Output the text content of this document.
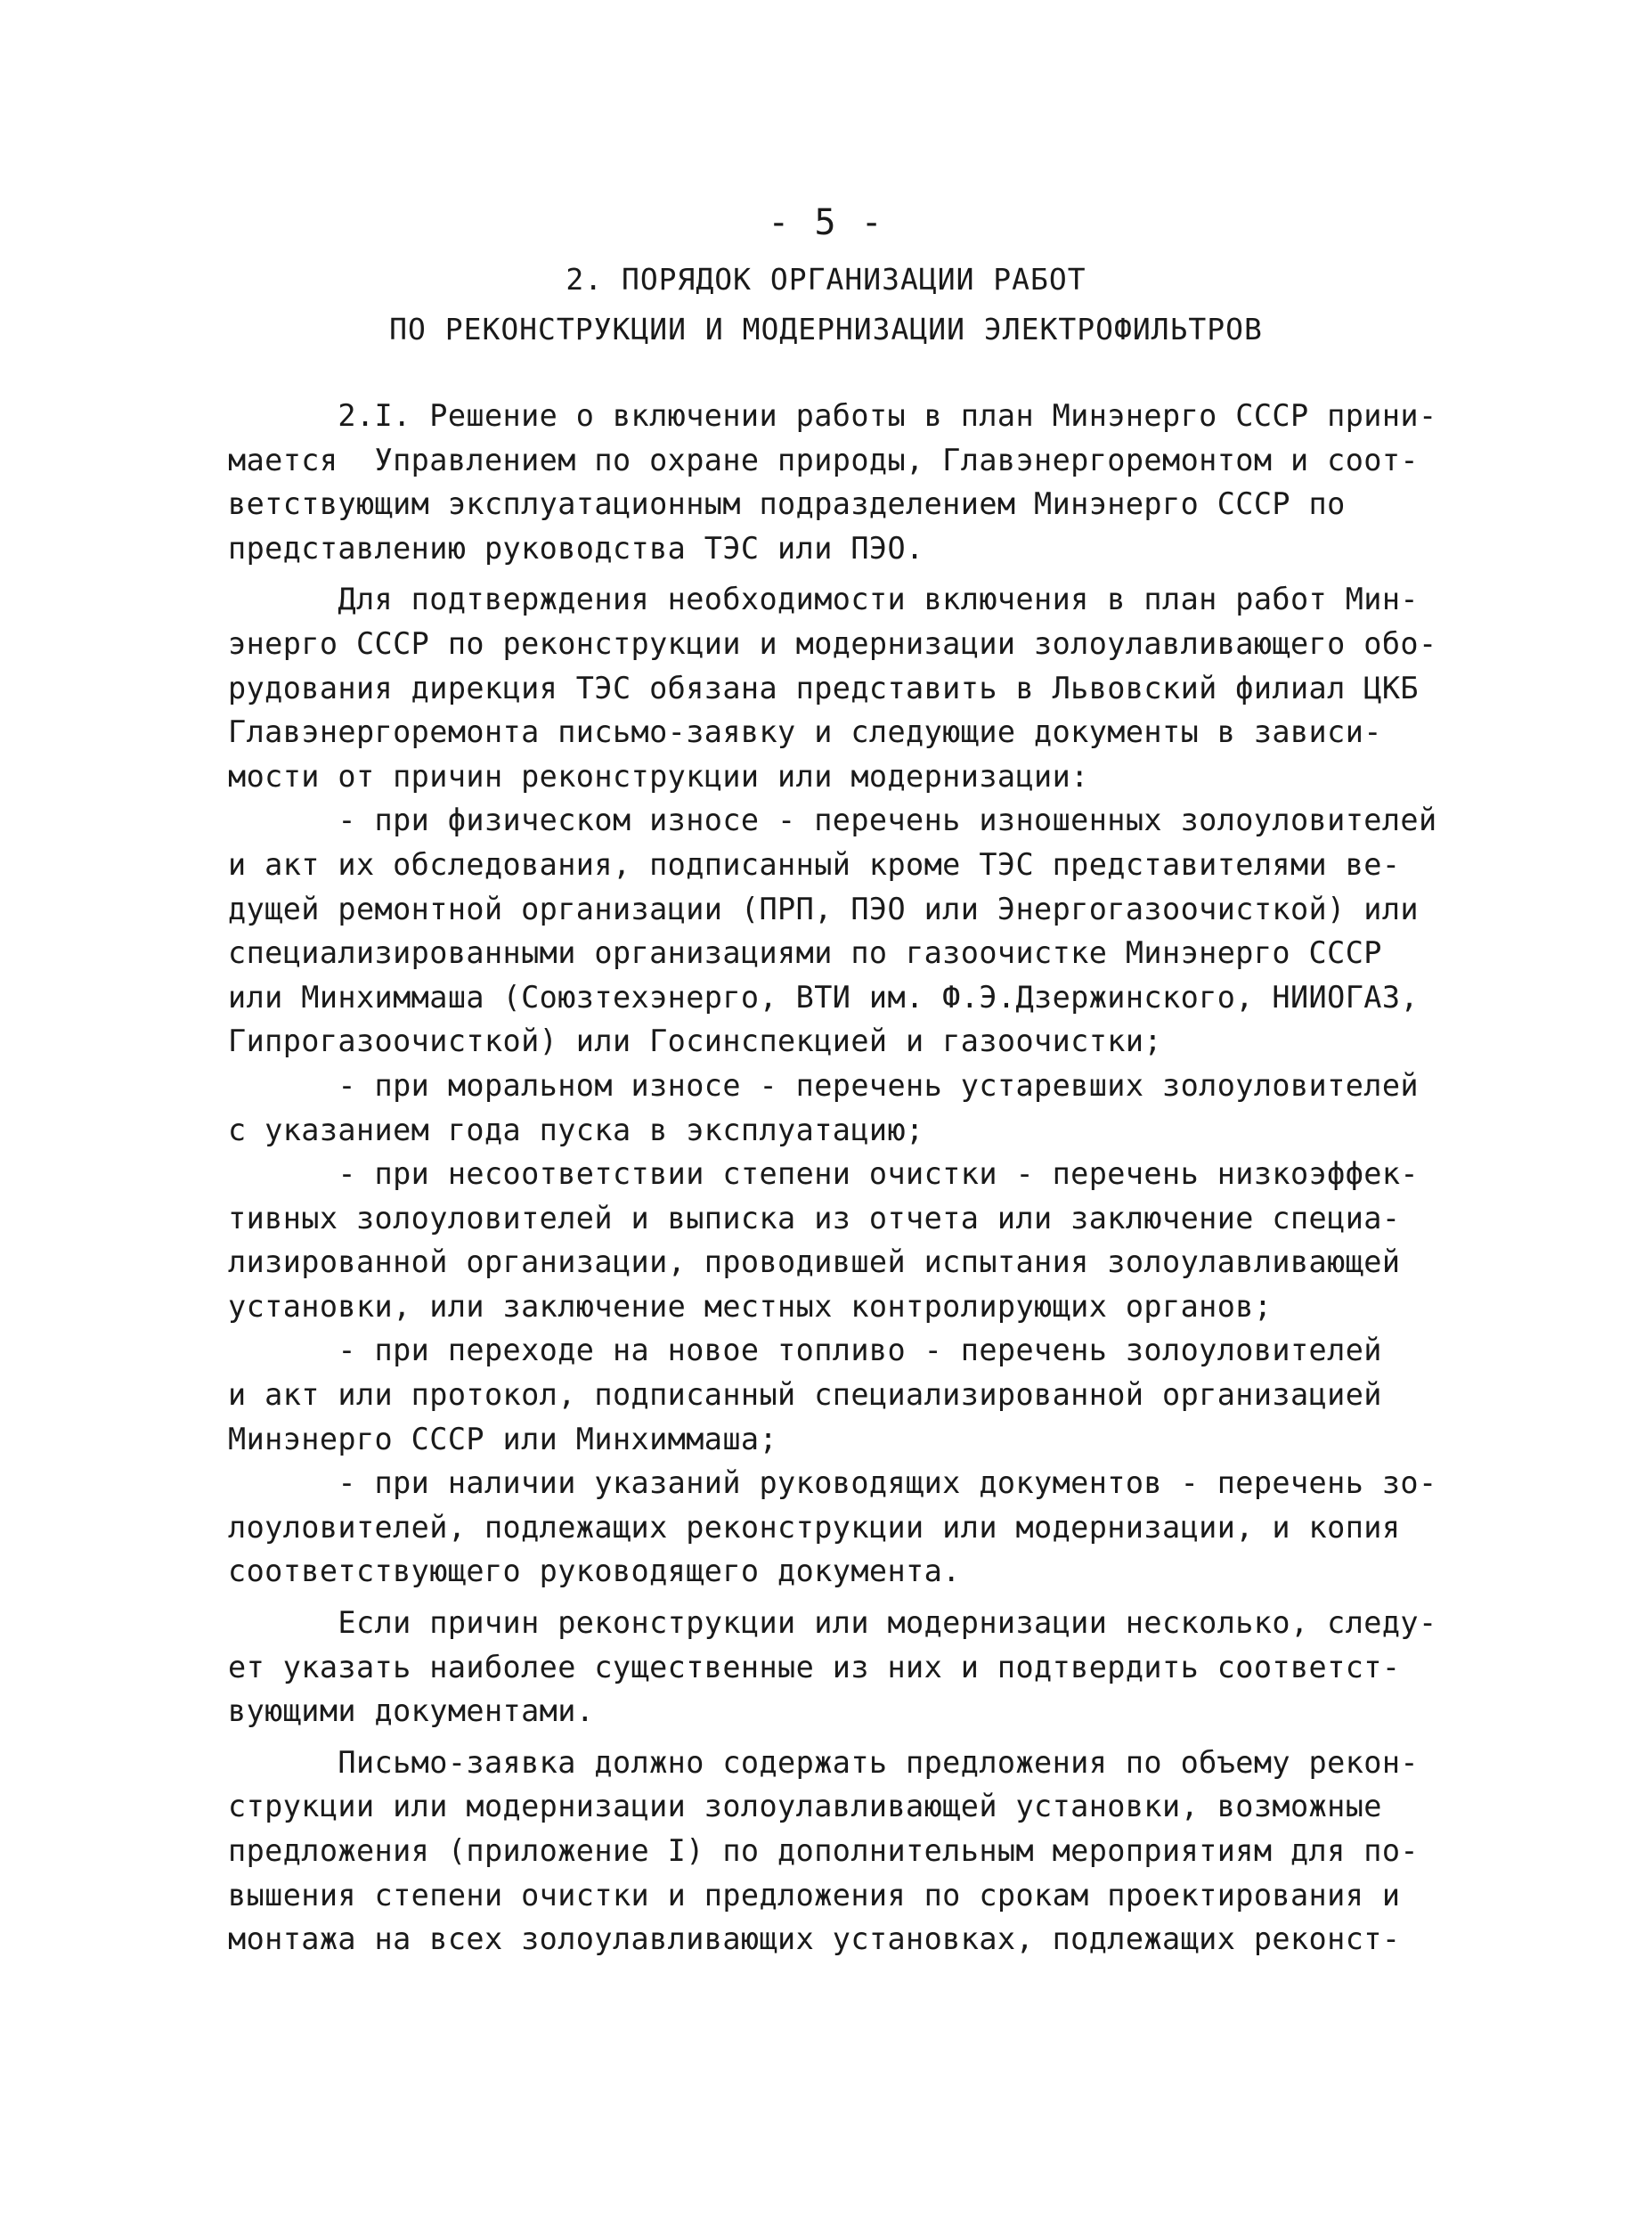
- 5 -
2. ПОРЯДОК ОРГАНИЗАЦИИ РАБОТ
ПО РЕКОНСТРУКЦИИ И МОДЕРНИЗАЦИИ ЭЛЕКТРОФИЛЬТРОВ
2.I. Решение о включении работы в план Минэнерго СССР прини-
мается  Управлением по охране природы, Главэнергоремонтом и соот-
ветствующим эксплуатационным подразделением Минэнерго СССР по
представлению руководства ТЭС или ПЭО.
Для подтверждения необходимости включения в план работ Мин-
энерго СССР по реконструкции и модернизации золоулавливающего обо-
рудования дирекция ТЭС обязана представить в Львовский филиал ЦКБ
Главэнергоремонта письмо-заявку и следующие документы в зависи-
мости от причин реконструкции или модернизации:
- при физическом износе - перечень изношенных золоуловителей
и акт их обследования, подписанный кроме ТЭС представителями ве-
дущей ремонтной организации (ПРП, ПЭО или Энергогазоочисткой) или
специализированными организациями по газоочистке Минэнерго СССР
или Минхиммаша (Союзтехэнерго, ВТИ им. Ф.Э.Дзержинского, НИИОГАЗ,
Гипрогазоочисткой) или Госинспекцией и газоочистки;
- при моральном износе - перечень устаревших золоуловителей
с указанием года пуска в эксплуатацию;
- при несоответствии степени очистки - перечень низкоэффек-
тивных золоуловителей и выписка из отчета или заключение специа-
лизированной организации, проводившей испытания золоулавливающей
установки, или заключение местных контролирующих органов;
- при переходе на новое топливо - перечень золоуловителей
и акт или протокол, подписанный специализированной организацией
Минэнерго СССР или Минхиммаша;
- при наличии указаний руководящих документов - перечень зо-
лоуловителей, подлежащих реконструкции или модернизации, и копия
соответствующего руководящего документа.
Если причин реконструкции или модернизации несколько, следу-
ет указать наиболее существенные из них и подтвердить соответст-
вующими документами.
Письмо-заявка должно содержать предложения по объему рекон-
струкции или модернизации золоулавливающей установки, возможные
предложения (приложение I) по дополнительным мероприятиям для по-
вышения степени очистки и предложения по срокам проектирования и
монтажа на всех золоулавливающих установках, подлежащих реконст-
